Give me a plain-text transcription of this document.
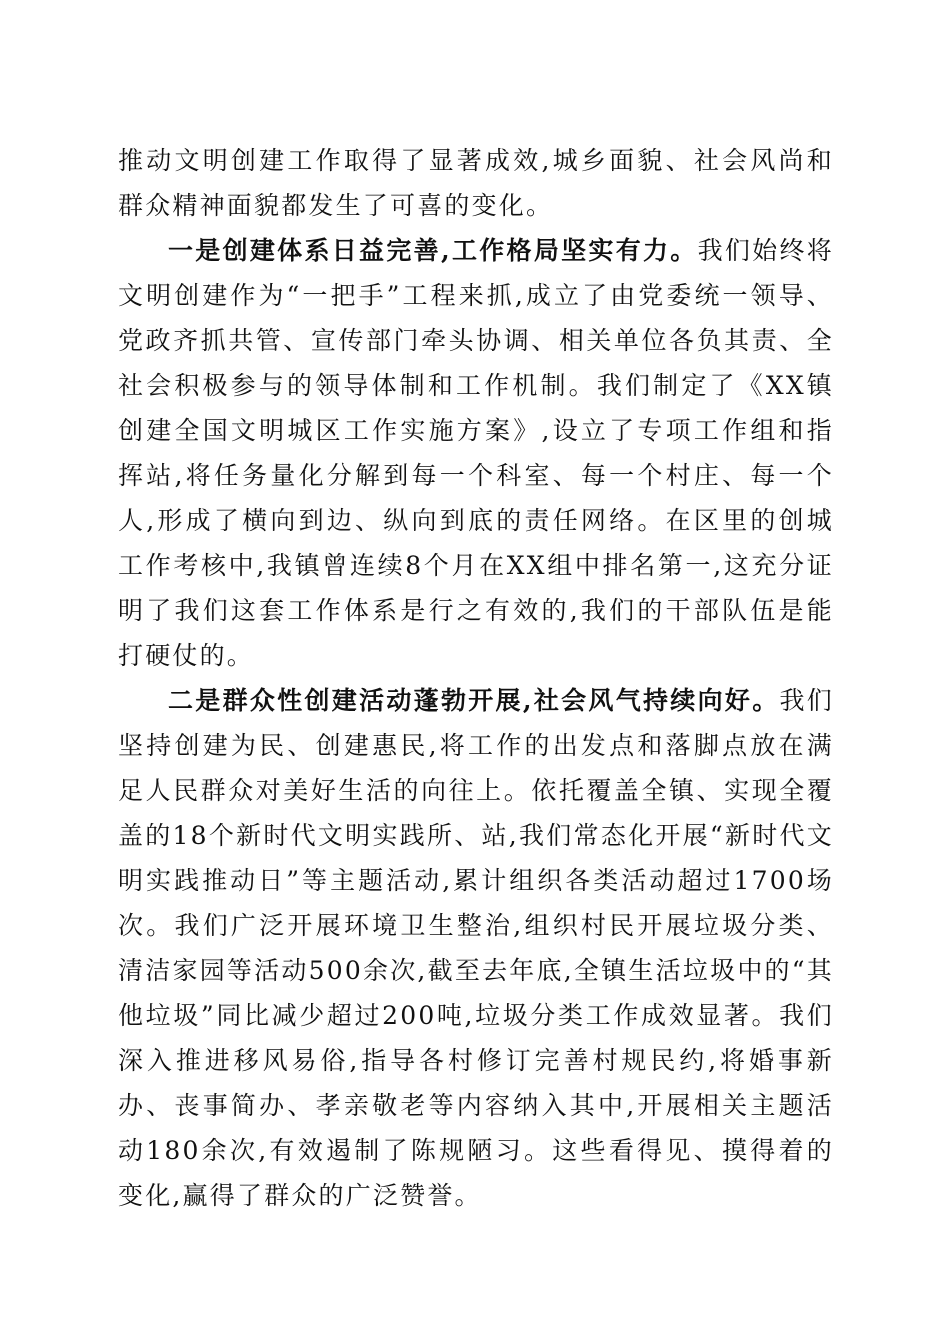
推动文明创建工作取得了显著成效,城乡面貌、社会风尚和群众精神面貌都发生了可喜的变化。

一是创建体系日益完善,工作格局坚实有力。我们始终将文明创建作为“一把手”工程来抓,成立了由党委统一领导、党政齐抓共管、宣传部门牵头协调、相关单位各负其责、全社会积极参与的领导体制和工作机制。我们制定了《XX镇创建全国文明城区工作实施方案》,设立了专项工作组和指挥站,将任务量化分解到每一个科室、每一个村庄、每一个人,形成了横向到边、纵向到底的责任网络。在区里的创城工作考核中,我镇曾连续8个月在XX组中排名第一,这充分证明了我们这套工作体系是行之有效的,我们的干部队伍是能打硬仗的。

二是群众性创建活动蓬勃开展,社会风气持续向好。我们坚持创建为民、创建惠民,将工作的出发点和落脚点放在满足人民群众对美好生活的向往上。依托覆盖全镇、实现全覆盖的18个新时代文明实践所、站,我们常态化开展“新时代文明实践推动日”等主题活动,累计组织各类活动超过1700场次。我们广泛开展环境卫生整治,组织村民开展垃圾分类、清洁家园等活动500余次,截至去年底,全镇生活垃圾中的“其他垃圾”同比减少超过200吨,垃圾分类工作成效显著。我们深入推进移风易俗,指导各村修订完善村规民约,将婚事新办、丧事简办、孝亲敬老等内容纳入其中,开展相关主题活动180余次,有效遏制了陈规陋习。这些看得见、摸得着的变化,赢得了群众的广泛赞誉。
